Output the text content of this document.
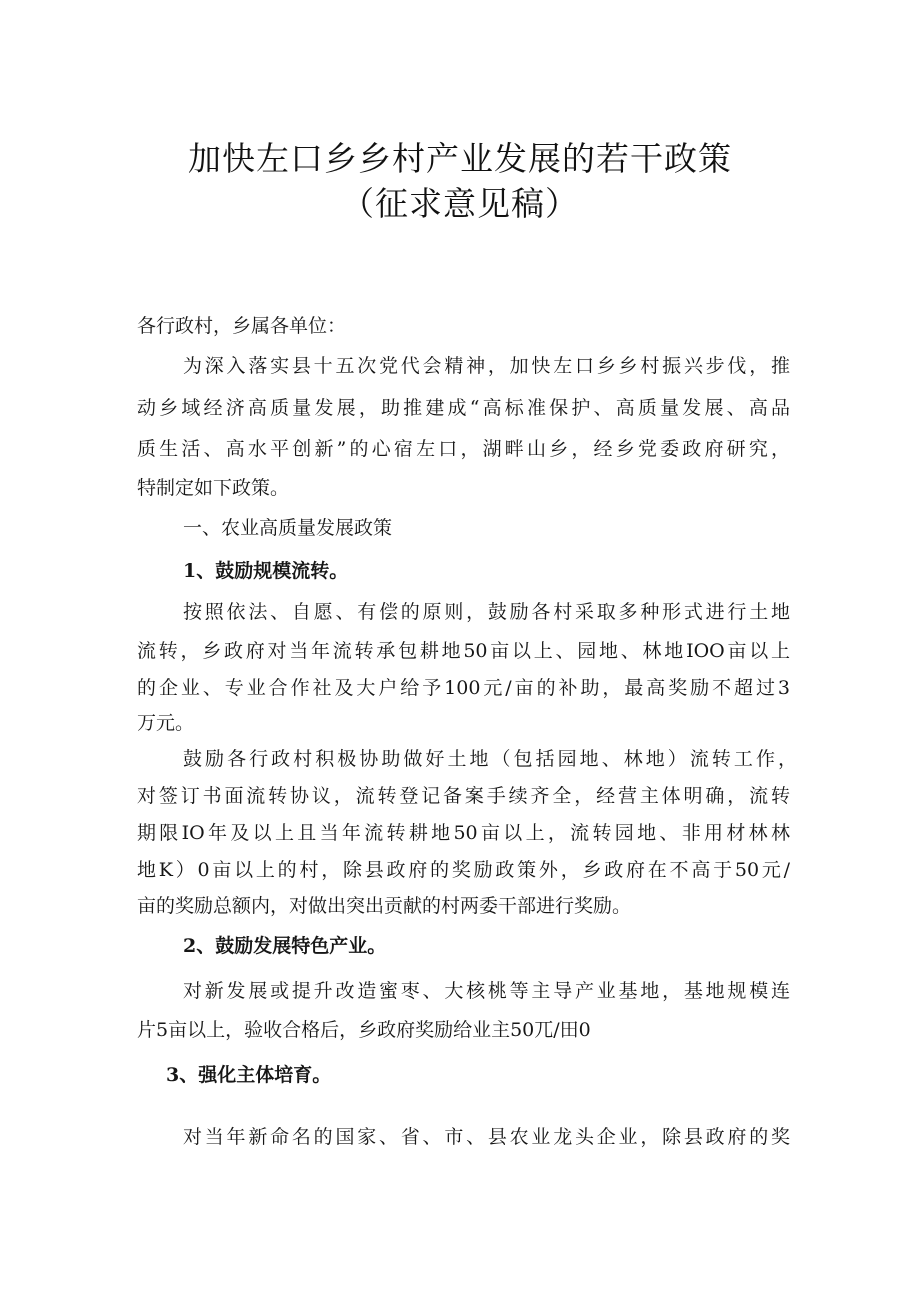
加快左口乡乡村产业发展的若干政策
（征求意见稿）
各行政村，乡属各单位：
为深入落实县十五次党代会精神，加快左口乡乡村振兴步伐，推
动乡域经济高质量发展，助推建成“高标准保护、高质量发展、高品
质生活、高水平创新”的心宿左口，湖畔山乡，经乡党委政府研究，
特制定如下政策。
一、农业高质量发展政策
1、鼓励规模流转。
按照依法、自愿、有偿的原则，鼓励各村采取多种形式进行土地
流转，乡政府对当年流转承包耕地50亩以上、园地、林地IOO亩以上
的企业、专业合作社及大户给予100元/亩的补助，最高奖励不超过3
万元。
鼓励各行政村积极协助做好土地（包括园地、林地）流转工作，
对签订书面流转协议，流转登记备案手续齐全，经营主体明确，流转
期限IO年及以上且当年流转耕地50亩以上，流转园地、非用材林林
地K）0亩以上的村，除县政府的奖励政策外，乡政府在不高于50元/
亩的奖励总额内，对做出突出贡献的村两委干部进行奖励。
2、鼓励发展特色产业。
对新发展或提升改造蜜枣、大核桃等主导产业基地，基地规模连
片5亩以上，验收合格后，乡政府奖励给业主50兀/田0
3、强化主体培育。
对当年新命名的国家、省、市、县农业龙头企业，除县政府的奖
